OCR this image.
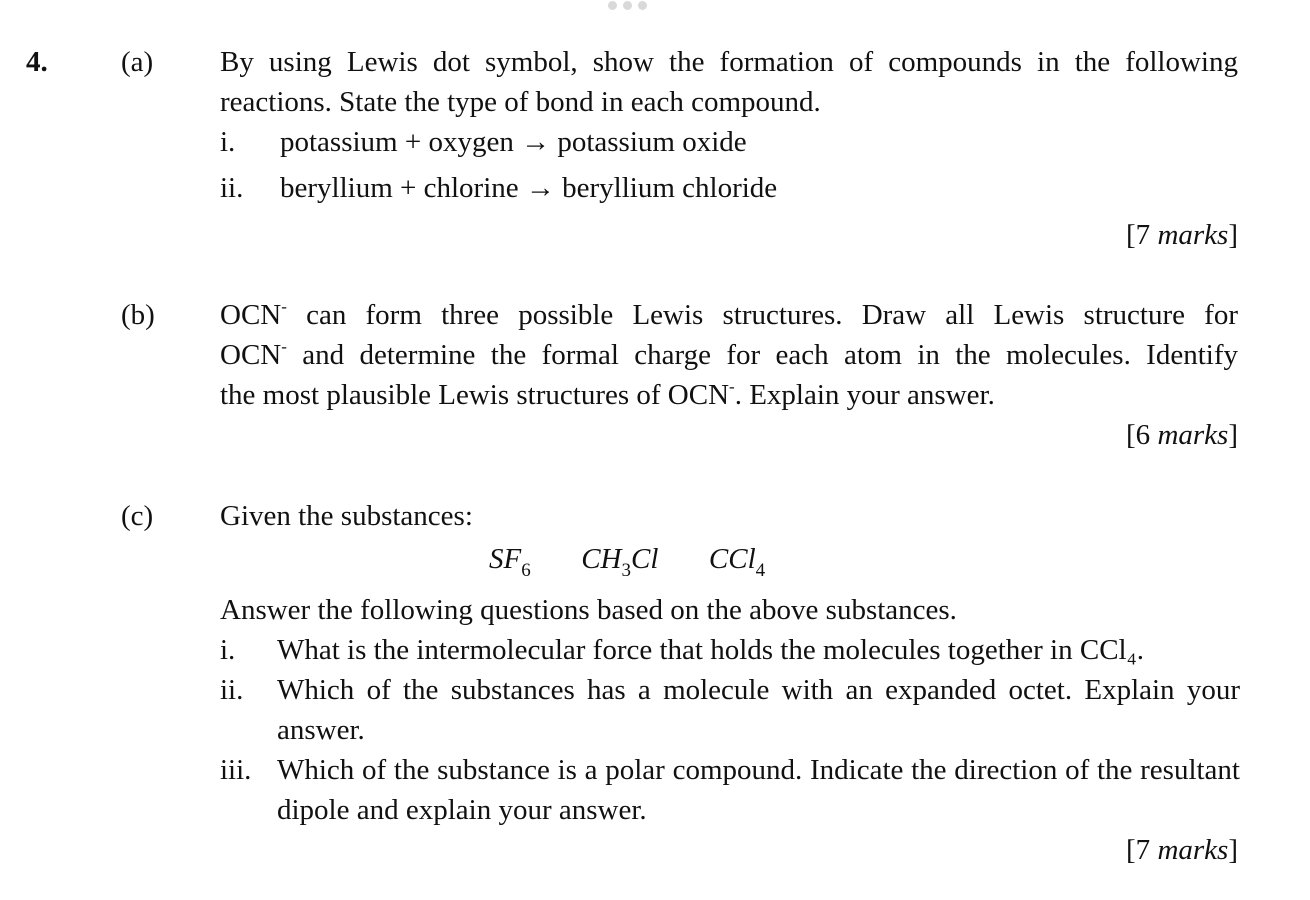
4.	(a) By using Lewis dot symbol, show the formation of compounds in the following reactions. State the type of bond in each compound.
i.	potassium + oxygen → potassium oxide
ii.	beryllium + chlorine → beryllium chloride
[7 marks]
(b) OCN- can form three possible Lewis structures. Draw all Lewis structure for
OCN- and determine the formal charge for each atom in the molecules. Identify
the most plausible Lewis structures of OCN-. Explain your answer.
[6 marks]
(c) Given the substances:
$SF_6$ $CH_3Cl$ CCl$_4$
Answer the following questions based on the above substances.
i.	What is the intermolecular force that holds the molecules together in CCl₄.
ii.	Which of the substances has a molecule with an expanded octet. Explain your answer.
iii. Which of the substance is a polar compound. Indicate the direction of the resultant dipole and explain your answer.
[7 marks]
